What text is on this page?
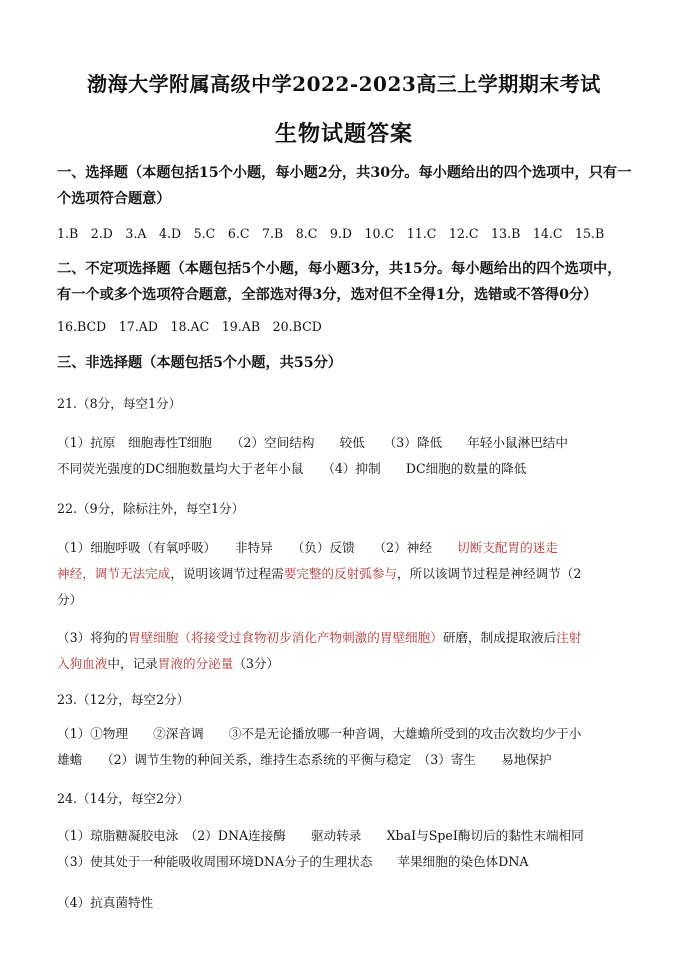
渤海大学附属高级中学2022-2023高三上学期期末考试
生物试题答案
一、选择题（本题包括15个小题，每小题2分，共30分。每小题给出的四个选项中，只有一
个选项符合题意）
1.B 2.D 3.A 4.D 5.C 6.C 7.B 8.C 9.D 10.C 11.C 12.C 13.B 14.C 15.B
二、不定项选择题（本题包括5个小题，每小题3分，共15分。每小题给出的四个选项中，
有一个或多个选项符合题意，全部选对得3分，选对但不全得1分，选错或不答得0分）
16.BCD 17.AD 18.AC 19.AB 20.BCD
三、非选择题（本题包括5个小题，共55分）
21.（8分，每空1分）
（1）抗原　细胞毒性T细胞　　（2）空间结构　　较低　　（3）降低　　年轻小鼠淋巴结中
不同荧光强度的DC细胞数量均大于老年小鼠　　（4）抑制　　DC细胞的数量的降低
22.（9分，除标注外，每空1分）
（1）细胞呼吸（有氧呼吸）　　非特异　　（负）反馈　　（2）神经　　切断支配胃的迷走
神经，调节无法完成，说明该调节过程需要完整的反射弧参与，所以该调节过程是神经调节（2
分）
（3）将狗的胃壁细胞（将接受过食物初步消化产物刺激的胃壁细胞）研磨，制成提取液后注射
入狗血液中，记录胃液的分泌量（3分）
23.（12分，每空2分）
（1）①物理　　②深音调　　③不是无论播放哪一种音调，大雄蟾所受到的攻击次数均少于小
雄蟾　　（2）调节生物的种间关系，维持生态系统的平衡与稳定　（3）寄生　　易地保护
24.（14分，每空2分）
（1）琼脂糖凝胶电泳　（2）DNA连接酶　　驱动转录　　XbaⅠ与SpeⅠ酶切后的黏性末端相同
（3）使其处于一种能吸收周围环境DNA分子的生理状态　　苹果细胞的染色体DNA
（4）抗真菌特性
